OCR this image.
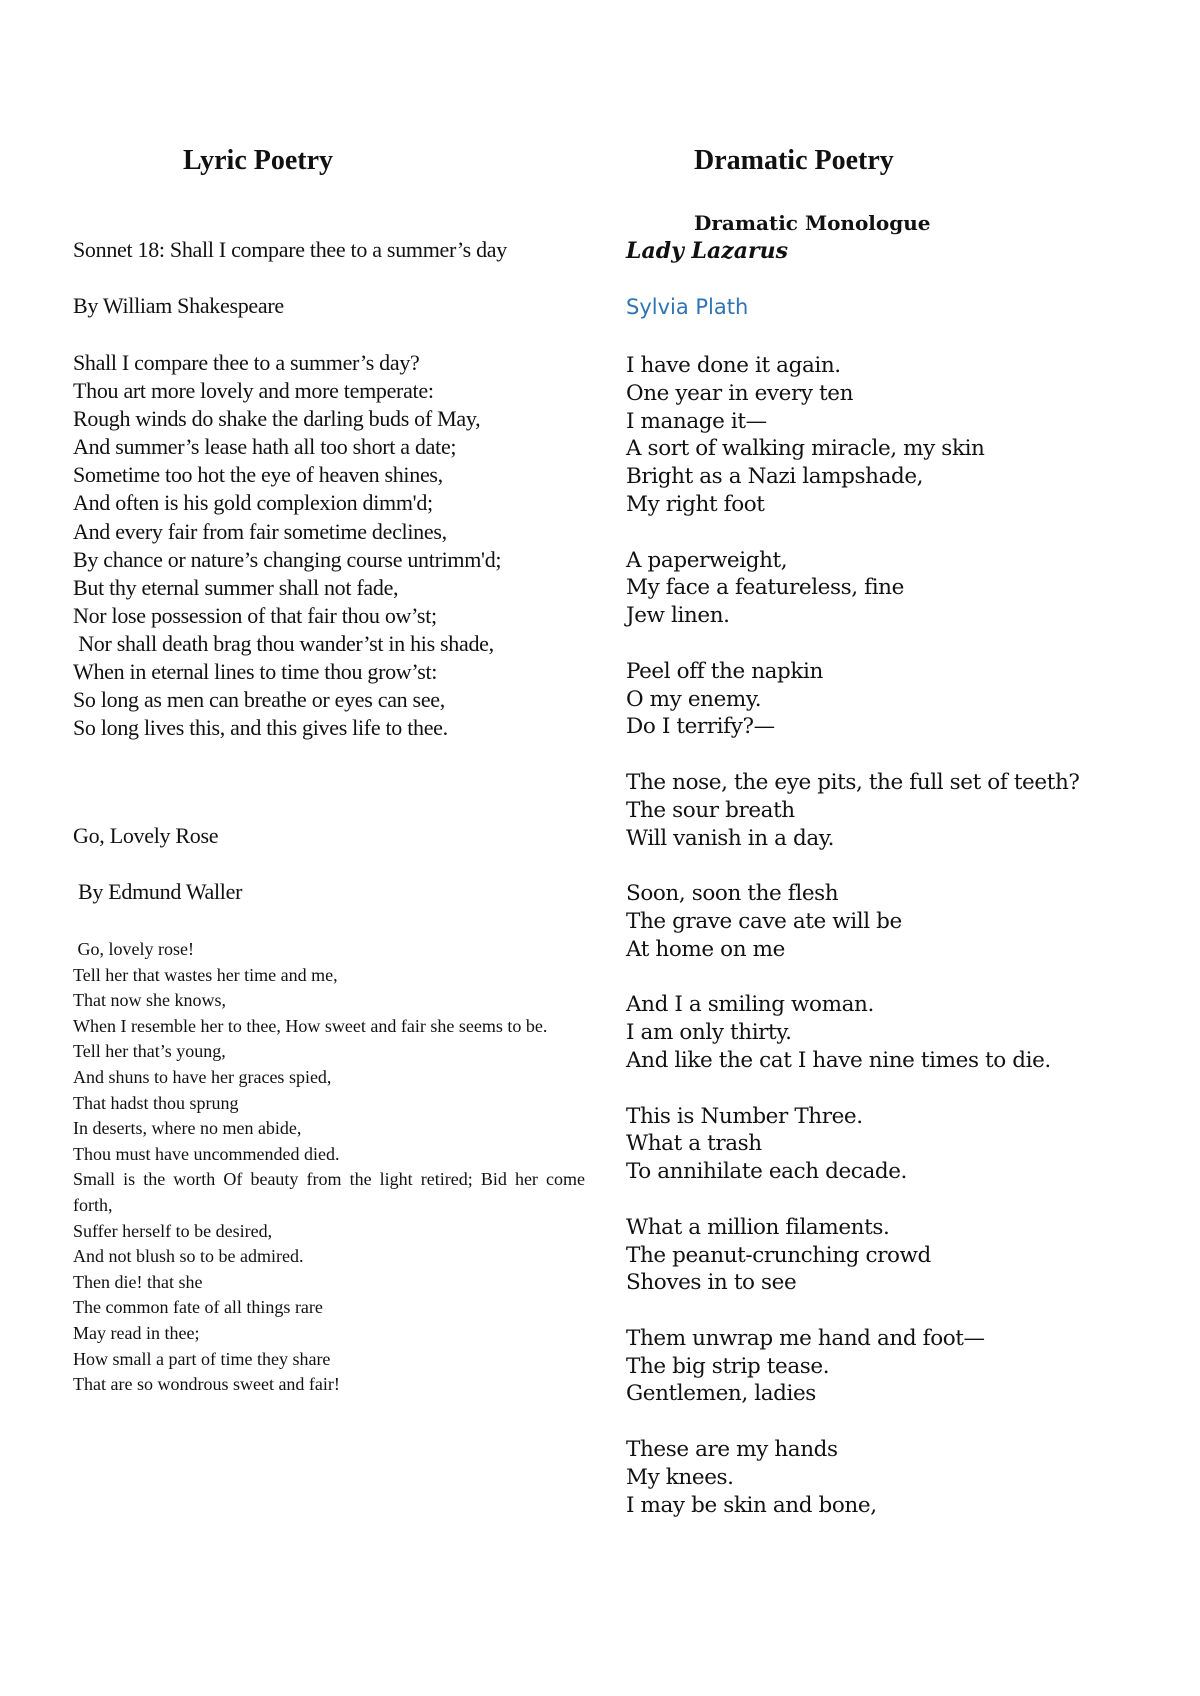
Lyric Poetry
Sonnet 18: Shall I compare thee to a summer’s day
By William Shakespeare
Shall I compare thee to a summer’s day?
Thou art more lovely and more temperate:
Rough winds do shake the darling buds of May,
And summer’s lease hath all too short a date;
Sometime too hot the eye of heaven shines,
And often is his gold complexion dimm'd;
And every fair from fair sometime declines,
By chance or nature’s changing course untrimm'd;
But thy eternal summer shall not fade,
Nor lose possession of that fair thou ow’st;
Nor shall death brag thou wander’st in his shade,
When in eternal lines to time thou grow’st:
So long as men can breathe or eyes can see,
So long lives this, and this gives life to thee.
Go, Lovely Rose
By Edmund Waller
Go, lovely rose!
Tell her that wastes her time and me,
That now she knows,
When I resemble her to thee, How sweet and fair she seems to be.
Tell her that’s young,
And shuns to have her graces spied,
That hadst thou sprung
In deserts, where no men abide,
Thou must have uncommended died.
Small is the worth Of beauty from the light retired; Bid her come forth,
Suffer herself to be desired,
And not blush so to be admired.
Then die! that she
The common fate of all things rare
May read in thee;
How small a part of time they share
That are so wondrous sweet and fair!
Dramatic Poetry
Dramatic Monologue
Lady Lazarus
Sylvia Plath
I have done it again.
One year in every ten
I manage it—
A sort of walking miracle, my skin
Bright as a Nazi lampshade,
My right foot
A paperweight,
My face a featureless, fine
Jew linen.
Peel off the napkin
O my enemy.
Do I terrify?—
The nose, the eye pits, the full set of teeth?
The sour breath
Will vanish in a day.
Soon, soon the flesh
The grave cave ate will be
At home on me
And I a smiling woman.
I am only thirty.
And like the cat I have nine times to die.
This is Number Three.
What a trash
To annihilate each decade.
What a million filaments.
The peanut-crunching crowd
Shoves in to see
Them unwrap me hand and foot—
The big strip tease.
Gentlemen, ladies
These are my hands
My knees.
I may be skin and bone,
